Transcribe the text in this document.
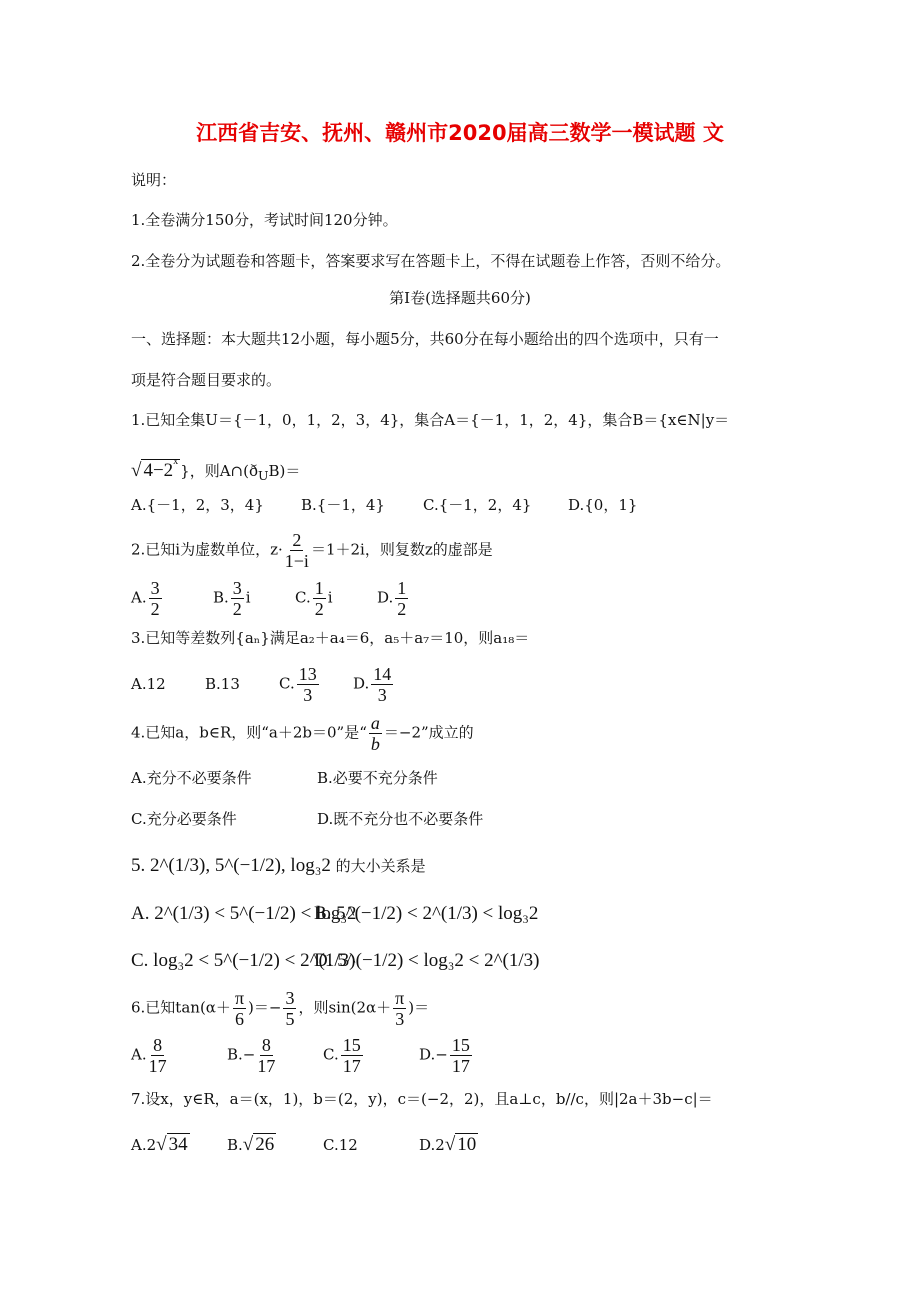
江西省吉安、抚州、赣州市2020届高三数学一模试题 文
说明：
1.全卷满分150分，考试时间120分钟。
2.全卷分为试题卷和答题卡，答案要求写在答题卡上，不得在试题卷上作答，否则不给分。
第Ⅰ卷(选择题共60分)
一、选择题：本大题共12小题，每小题5分，共60分在每小题给出的四个选项中，只有一
项是符合题目要求的。
1.已知全集U＝{－1，0，1，2，3，4}，集合A＝{－1，1，2，4}，集合B＝{x∈N|y＝
√ $4-2^x$}，则$A\cap(ð_UB)=$
A.{－1，2，3，4} B.{－1，4}	C.{－1，2，4} D.{0，1}
2.已知i为虚数单位，$z\cdot \frac{2}{1-i} =1+2i$，则复数z的虚部是
A. $\frac{3}{2}$	B. $\frac{3}{2}$ i	C. $\frac{1}{2}$ i	D. $\frac{1}{2}$
3.已知等差数列{aₙ}满足a₂＋a₄＝6，a₅＋a₇＝10，则a₁₈＝
A.12	B.13	C. $\frac{13}{3} D$. $\frac{14}{3}$
4.已知a，b∈R，则“a＋2b＝0”是“ $\frac{a}{b} =-2$”成立的
A.充分不必要条件	B.必要不充分条件
C.充分必要条件	D.既不充分也不必要条件
5. 2^(1/3), 5^(−1/2), log₃2 的大小关系是
A. 2^(1/3) < 5^(−1/2) < log₃2B. 5^(−1/2) < 2^(1/3) < log₃2
C. log₃2 < 5^(−1/2) < 2^(1/3)D. 5^(−1/2) < log₃2 < 2^(1/3)
6.已知$\tan(\alpha+ \frac{\pi}{6}$ )＝− $\frac{3}{5}$ ，则$\sin(2\alpha+ \frac{\pi}{3}$ )＝
A. $\frac{8}{17}$	$B.- \frac{8}{17}$	C. $\frac{15}{17}$	$D.- \frac{15}{17}$
7.设x，y∈R，a＝(x，1)，b＝(2，y)，c＝(−2，2)，且a⊥c，b//c，则|2a＋3b−c|＝
A.2√ 34	B.√ 26	C.12	D.2√ 10
